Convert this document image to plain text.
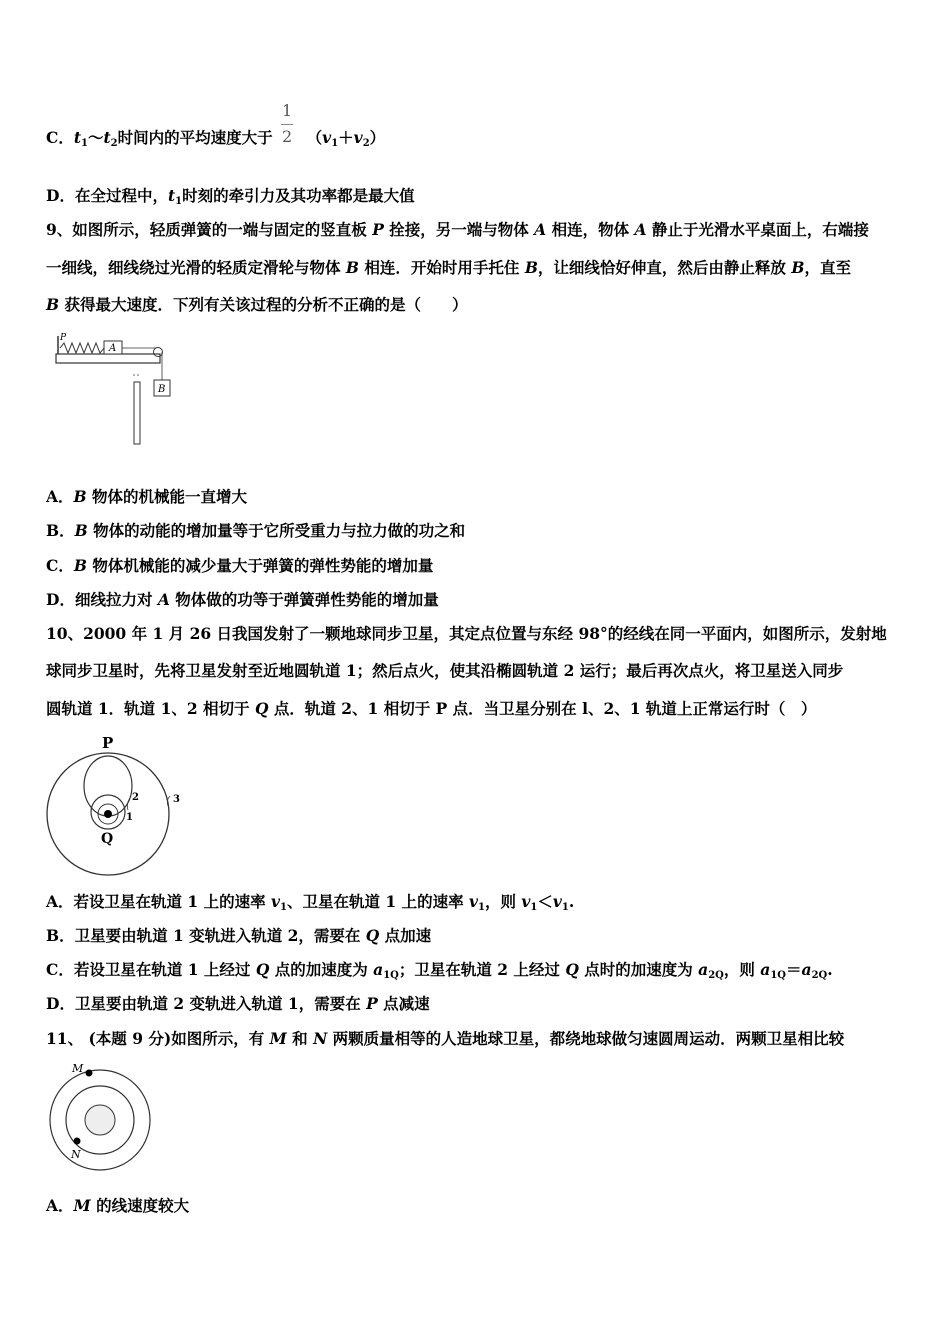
C．$t_1\sim t_2$时间内的平均速度大于 $(v_1+v_2)$
1
2
D．在全过程中，$t_1$时刻的牵引力及其功率都是最大值
9、如图所示，轻质弹簧的一端与固定的竖直板 P 拴接，另一端与物体 A 相连，物体 A 静止于光滑水平桌面上，右端接
一细线，细线绕过光滑的轻质定滑轮与物体 B 相连．开始时用手托住 B，让细线恰好伸直，然后由静止释放 B，直至
B 获得最大速度．下列有关该过程的分析不正确的是（　　）
P
A
B
A．B 物体的机械能一直增大
B．B 物体的动能的增加量等于它所受重力与拉力做的功之和
C．B 物体机械能的减少量大于弹簧的弹性势能的增加量
D．细线拉力对 A 物体做的功等于弹簧弹性势能的增加量
10、2000 年 1 月 26 日我国发射了一颗地球同步卫星，其定点位置与东经 98°的经线在同一平面内，如图所示，发射地
球同步卫星时，先将卫星发射至近地圆轨道 1；然后点火，使其沿椭圆轨道 2 运行；最后再次点火，将卫星送入同步
圆轨道 1．轨道 1、2 相切于 Q 点．轨道 2、1 相切于 P 点．当卫星分别在 l、2、1 轨道上正常运行时（　）
P
Q
1
2	3
A．若设卫星在轨道 1 上的速率 $v_1$、卫星在轨道 1 上的速率 $v_1$，则 $v_1<v_1$.
B．卫星要由轨道 1 变轨进入轨道 2，需要在 Q 点加速
C．若设卫星在轨道 1 上经过 Q 点的加速度为 $a_{1Q}$；卫星在轨道 2 上经过 Q 点时的加速度为 $a_{2Q}$，则 $a_{1Q}=a_{2Q}$.
D．卫星要由轨道 2 变轨进入轨道 1，需要在 P 点减速
11、 (本题 9 分)如图所示，有 M 和 N 两颗质量相等的人造地球卫星，都绕地球做匀速圆周运动．两颗卫星相比较
M
N
A．M 的线速度较大
